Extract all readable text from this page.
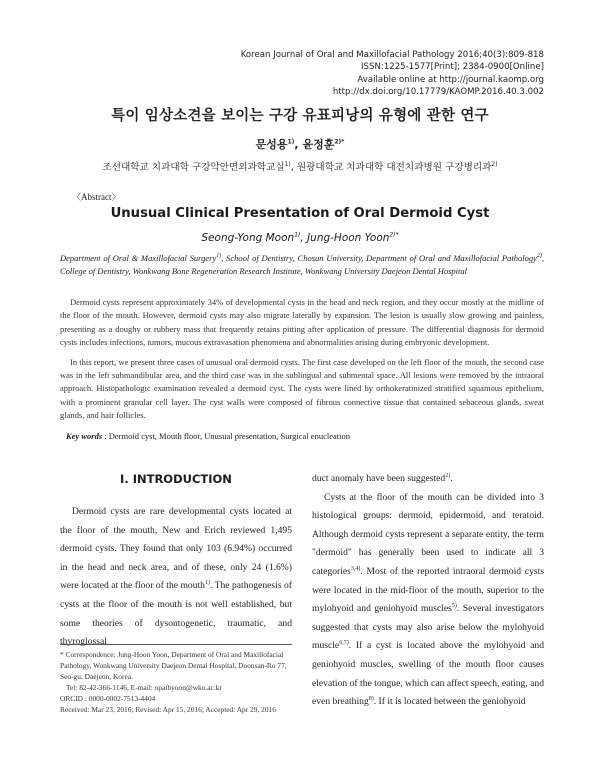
Korean Journal of Oral and Maxillofacial Pathology 2016;40(3):809-818
ISSN:1225-1577[Print]; 2384-0900[Online]
Available online at http://journal.kaomp.org
http://dx.doi.org/10.17779/KAOMP.2016.40.3.002
특이 임상소견을 보이는 구강 유표피낭의 유형에 관한 연구
문성용$^{1)}$, 윤정훈$^{2)*}$
조선대학교 치과대학 구강악안면외과학교실$^{1)}$, 원광대학교 치과대학 대전치과병원 구강병리과$^{2)}$
〈Abstract〉
Unusual Clinical Presentation of Oral Dermoid Cyst
Seong-Yong Moon$^{1)}$, Jung-Hoon Yoon$^{2)*}$
Department of Oral & Maxillofacial Surgery$^{1)}$, School of Dentistry, Chosun University, Department of Oral and Maxillofacial Pathology$^{2)}$, College of Dentistry, Wonkwang Bone Regeneration Research Institute, Wonkwang University Daejeon Dental Hospital

Dermoid cysts represent approximately 34% of developmental cysts in the head and neck region, and they occur mostly at the midline of the floor of the mouth. However, dermoid cysts may also migrate laterally by expansion. The lesion is usually slow growing and painless, presenting as a doughy or rubbery mass that frequently retains pitting after application of pressure. The differential diagnosis for dermoid cysts includes infections, tumors, mucous extravasation phenomena and abnormalities arising during embryonic development.

In this report, we present three cases of unusual oral dermoid cysts. The first case developed on the left floor of the mouth, the second case was in the left submandibular area, and the third case was in the sublingual and submental space. All lesions were removed by the intraoral approach. Histopathologic examination revealed a dermoid cyst. The cysts were lined by orthokeratinized stratified squamous epithelium, with a prominent granular cell layer. The cyst walls were composed of fibrous connective tissue that contained sebaceous glands, sweat glands, and hair follicles.

Key words : Dermoid cyst, Mouth floor, Unusual presentation, Surgical enucleation
Ⅰ. INTRODUCTION

Dermoid cysts are rare developmental cysts located at the floor of the mouth, New and Erich reviewed 1,495 dermoid cysts. They found that only 103 (6.94%) occurred in the head and neck area, and of these, only 24 (1.6%) were located at the floor of the mouth$^{1)}$. The pathogenesis of cysts at the floor of the mouth is not well established, but some theories of dysontogenetic, traumatic, and thyroglossal

duct anomaly have been suggested$^{2)}$.

Cysts at the floor of the mouth can be divided into 3 histological groups: dermoid, epidermoid, and teratoid. Although dermoid cysts represent a separate entity, the term "dermoid" has generally been used to indicate all 3 categories$^{3,4)}$. Most of the reported intraoral dermoid cysts were located in the mid-floor of the mouth, superior to the mylohyoid and geniohyoid muscles$^{5)}$. Several investigators suggested that cysts may also arise below the mylohyoid muscle$^{6,7)}$. If a cyst is located above the mylohyoid and geniohyoid muscles, swelling of the mouth floor causes elevation of the tongue, which can affect speech, eating, and even breathing$^{8)}$. If it is located between the geniohyoid

* Correspondence: Jung-Hoon Yoon, Department of Oral and Maxillofacial Pathology, Wonkwang University Daejeon Dental Hospital, Doonsan-Ro 77, Seo-gu, Daejeon, Korea.
Tel: 82-42-366-1146, E-mail: opathyoon@wku.ac.kr
ORCID : 0000-0002-7513-4404
Received: Mar 23, 2016; Revised: Apr 15, 2016; Accepted: Apr 29, 2016
